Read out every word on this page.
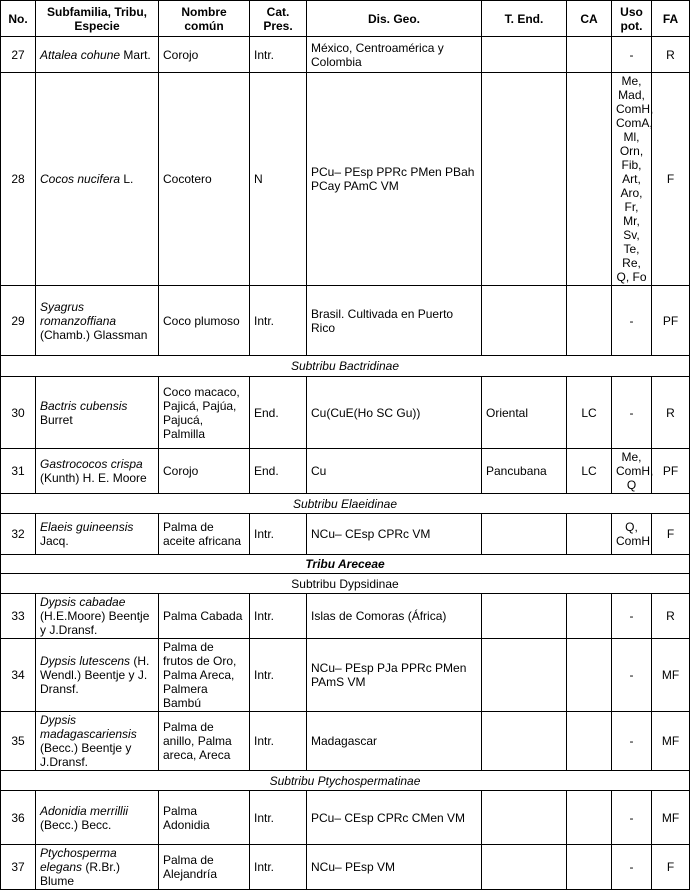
No.	Subfamilia, Tribu, Especie	Nombre común	Cat. Pres.	Dis. Geo.	T. End.	CA	Uso pot.	FA
27	Attalea cohune Mart.	Corojo	Intr.	México, Centroamérica y Colombia			-	R
28	Cocos nucifera L.	Cocotero	N	PCu– PEsp PPRc PMen PBah PCay PAmC VM			Me, Mad, ComH, ComA, Ml, Orn, Fib, Art, Aro, Fr, Mr, Sv, Te, Re, Q, Fo	F
29	Syagrus romanzoffiana (Chamb.) Glassman	Coco plumoso	Intr.	Brasil. Cultivada en Puerto Rico			-	PF
Subtribu Bactridinae								
30	Bactris cubensis Burret	Coco macaco, Pajicá, Pajúa, Pajucá, Palmilla	End.	Cu(CuE(Ho SC Gu))	Oriental	LC	-	R
31	Gastrococos crispa (Kunth) H. E. Moore	Corojo	End.	Cu	Pancubana	LC	Me, ComH, Q	PF
Subtribu Elaeidinae								
32	Elaeis guineensis Jacq.	Palma de aceite africana	Intr.	NCu– CEsp CPRc VM			Q, ComH	F
Tribu Areceae								
Subtribu Dypsidinae								
33	Dypsis cabadae (H.E.Moore) Beentje y J.Dransf.	Palma Cabada	Intr.	Islas de Comoras (África)			-	R
34	Dypsis lutescens (H. Wendl.) Beentje y J. Dransf.	Palma de frutos de Oro, Palma Areca, Palmera Bambú	Intr.	NCu– PEsp PJa PPRc PMen PAmS VM			-	MF
35	Dypsis madagascariensis (Becc.) Beentje y J.Dransf.	Palma de anillo, Palma areca, Areca	Intr.	Madagascar			-	MF
Subtribu Ptychospermatinae								
36	Adonidia merrillii (Becc.) Becc.	Palma Adonidia	Intr.	PCu– CEsp CPRc CMen VM			-	MF
37	Ptychosperma elegans (R.Br.) Blume	Palma de Alejandría	Intr.	NCu– PEsp VM			-	F
